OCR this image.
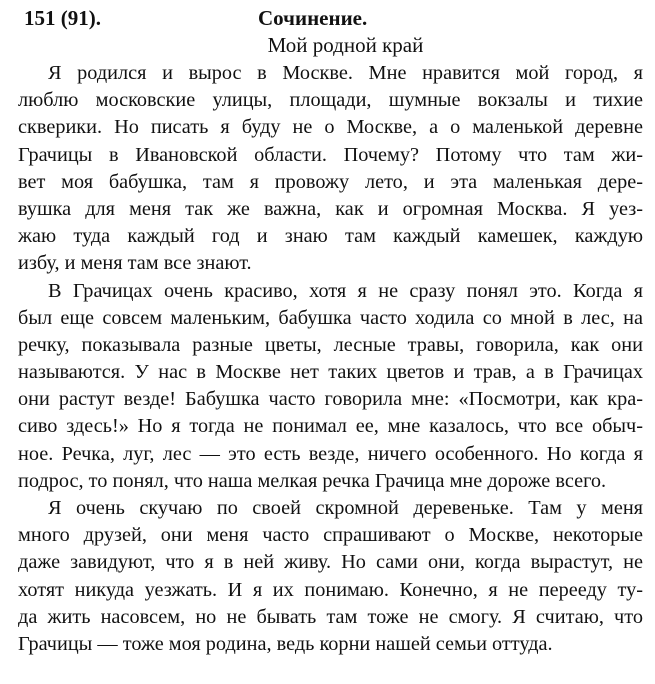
151 (91).	Сочинение.
Мой родной край
Я родился и вырос в Москве. Мне нравится мой город, я
люблю московские улицы, площади, шумные вокзалы и тихие
скверики. Но писать я буду не о Москве, а о маленькой деревне
Грачицы в Ивановской области. Почему? Потому что там жи-
вет моя бабушка, там я провожу лето, и эта маленькая дере-
вушка для меня так же важна, как и огромная Москва. Я уез-
жаю туда каждый год и знаю там каждый камешек, каждую
избу, и меня там все знают.
В Грачицах очень красиво, хотя я не сразу понял это. Когда я
был еще совсем маленьким, бабушка часто ходила со мной в лес, на
речку, показывала разные цветы, лесные травы, говорила, как они
называются. У нас в Москве нет таких цветов и трав, а в Грачицах
они растут везде! Бабушка часто говорила мне: «Посмотри, как кра-
сиво здесь!» Но я тогда не понимал ее, мне казалось, что все обыч-
ное. Речка, луг, лес — это есть везде, ничего особенного. Но когда я
подрос, то понял, что наша мелкая речка Грачица мне дороже всего.
Я очень скучаю по своей скромной деревеньке. Там у меня
много друзей, они меня часто спрашивают о Москве, некоторые
даже завидуют, что я в ней живу. Но сами они, когда вырастут, не
хотят никуда уезжать. И я их понимаю. Конечно, я не перееду ту-
да жить насовсем, но не бывать там тоже не смогу. Я считаю, что
Грачицы — тоже моя родина, ведь корни нашей семьи оттуда.
